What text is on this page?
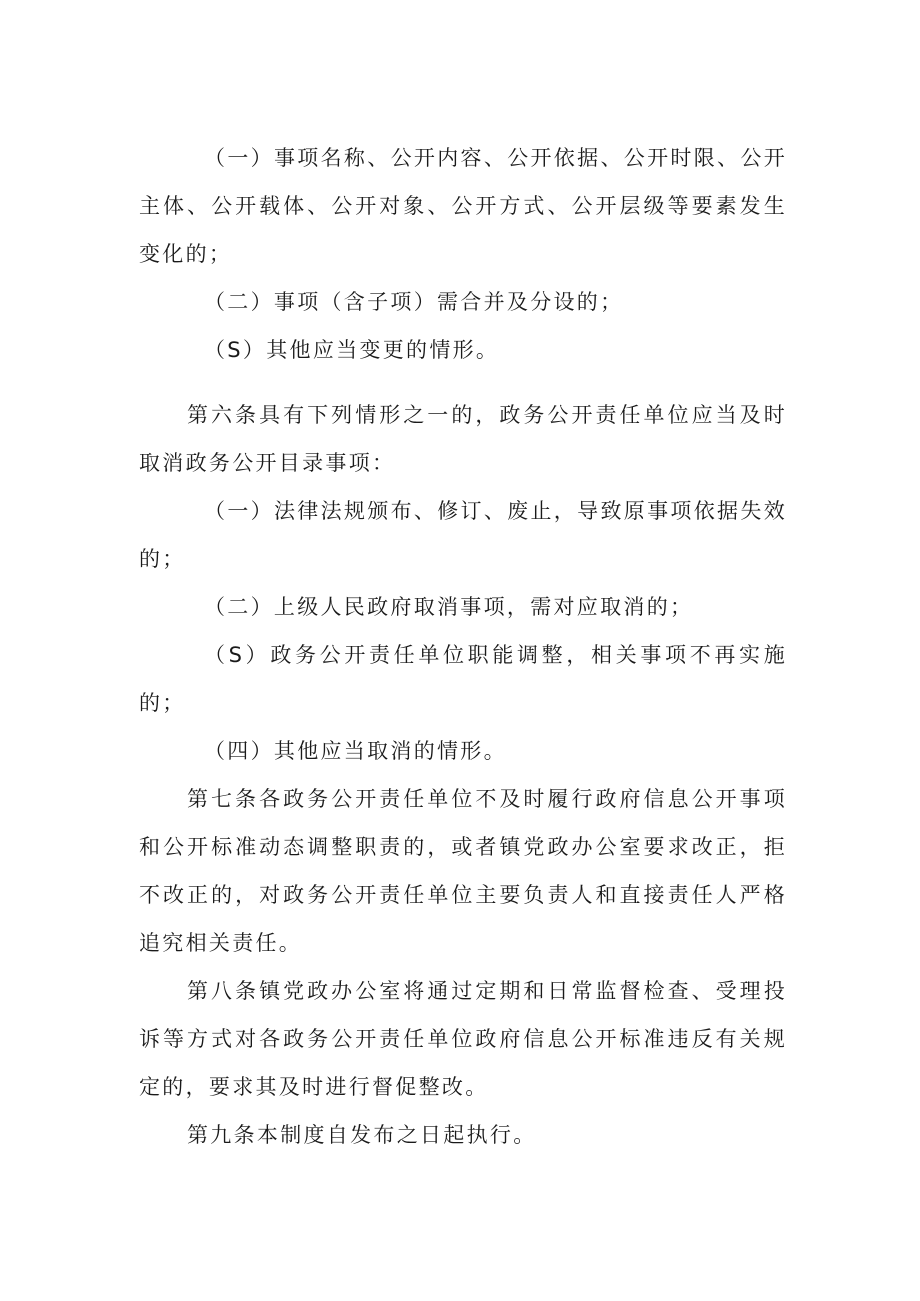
（一）事项名称、公开内容、公开依据、公开时限、公开主体、公开载体、公开对象、公开方式、公开层级等要素发生变化的；

（二）事项（含子项）需合并及分设的；

（S）其他应当变更的情形。

第六条具有下列情形之一的，政务公开责任单位应当及时取消政务公开目录事项：

（一）法律法规颁布、修订、废止，导致原事项依据失效的；

（二）上级人民政府取消事项，需对应取消的；

（S）政务公开责任单位职能调整，相关事项不再实施的；

（四）其他应当取消的情形。

第七条各政务公开责任单位不及时履行政府信息公开事项和公开标准动态调整职责的，或者镇党政办公室要求改正，拒不改正的，对政务公开责任单位主要负责人和直接责任人严格追究相关责任。

第八条镇党政办公室将通过定期和日常监督检查、受理投诉等方式对各政务公开责任单位政府信息公开标准违反有关规定的，要求其及时进行督促整改。

第九条本制度自发布之日起执行。
